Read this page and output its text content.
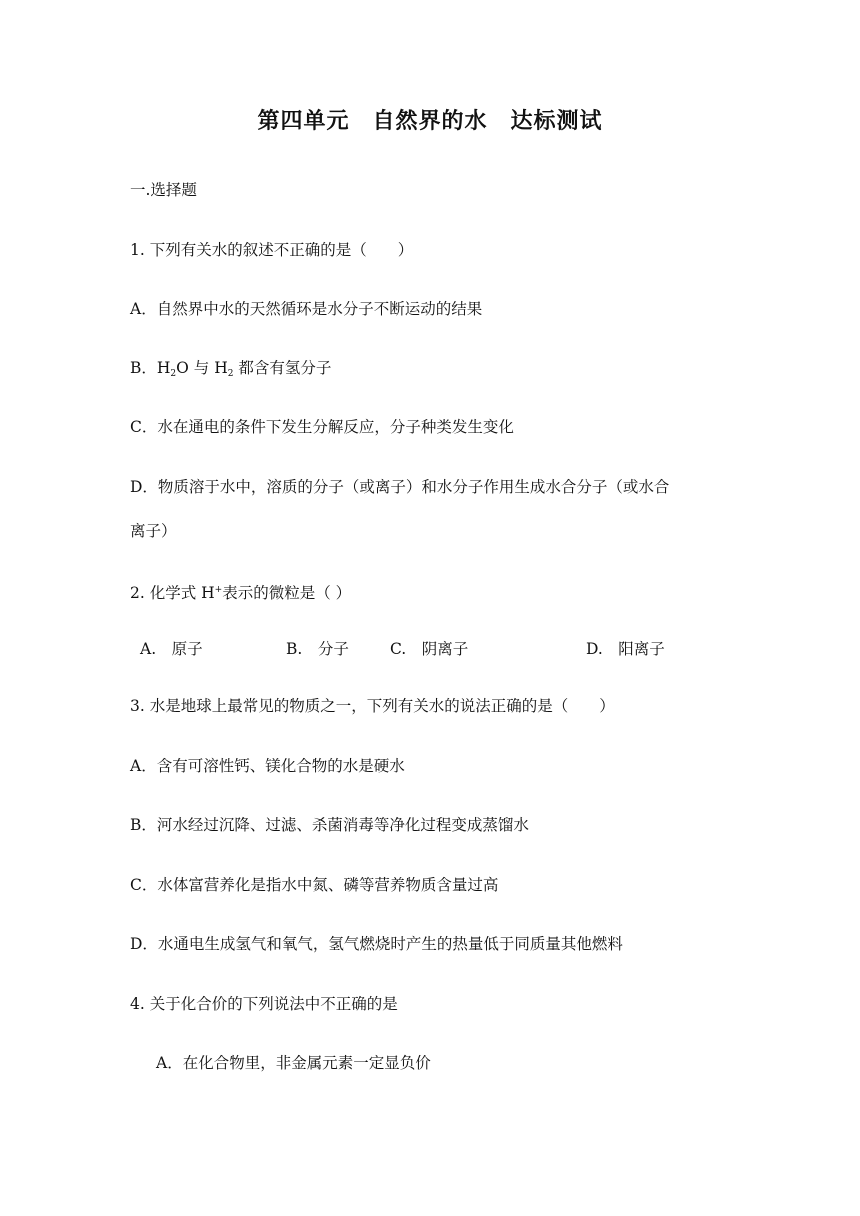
第四单元　自然界的水　达标测试
一.选择题
1. 下列有关水的叙述不正确的是（　　）
A．自然界中水的天然循环是水分子不断运动的结果
B．$H_2O$ 与 $H_2$ 都含有氢分子
C．水在通电的条件下发生分解反应，分子种类发生变化
D．物质溶于水中，溶质的分子（或离子）和水分子作用生成水合分子（或水合
离子）
2. 化学式 H+表示的微粒是（ ）

A.　原子

	B.　分子

	C.　阴离子

	D.　阳离子

3. 水是地球上最常见的物质之一，下列有关水的说法正确的是（　　）
A．含有可溶性钙、镁化合物的水是硬水
B．河水经过沉降、过滤、杀菌消毒等净化过程变成蒸馏水
C．水体富营养化是指水中氮、磷等营养物质含量过高
D．水通电生成氢气和氧气，氢气燃烧时产生的热量低于同质量其他燃料
4. 关于化合价的下列说法中不正确的是
A．在化合物里，非金属元素一定显负价
